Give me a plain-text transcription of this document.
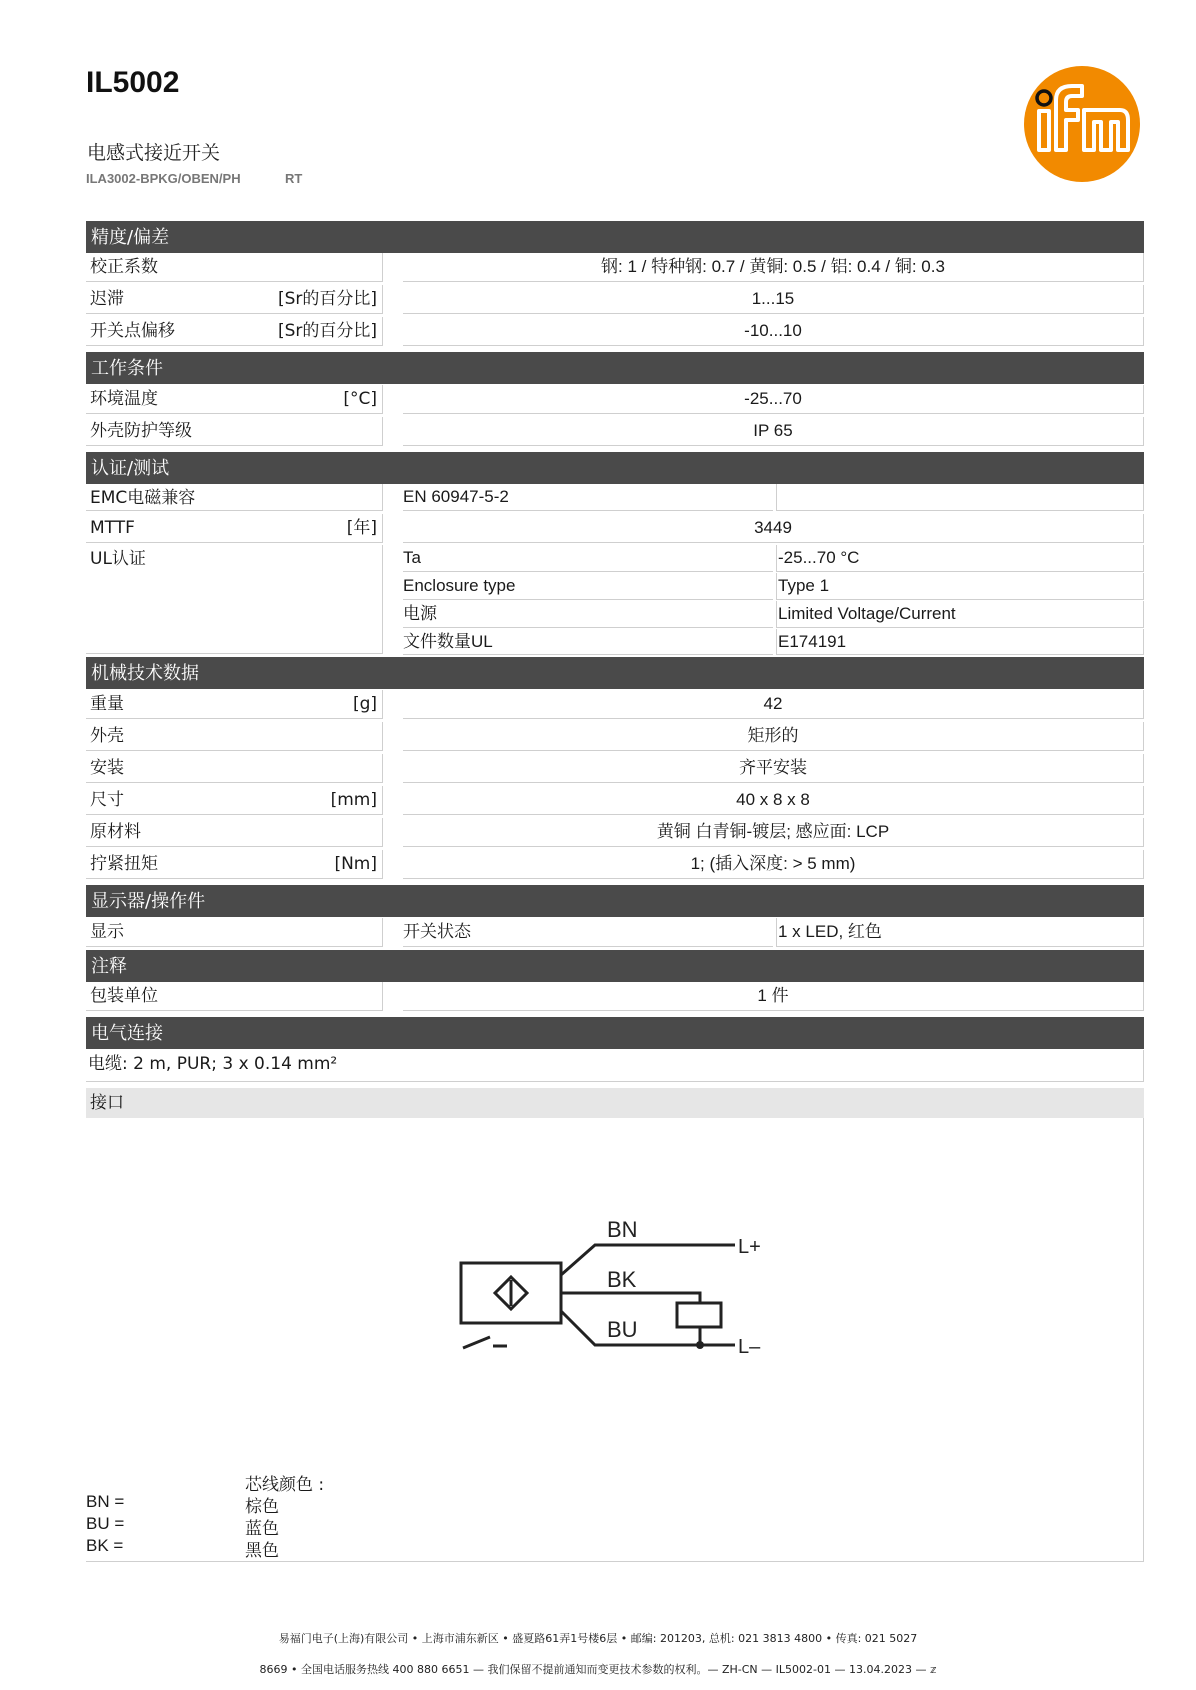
IL5002
电感式接近开关
ILA3002-BPKG/OBEN/PH	RT
精度/偏差
校正系数	钢: 1 / 特种钢: 0.7 / 黄铜: 0.5 / 铝: 0.4 / 铜: 0.3
迟滞	[Sr的百分比]	1...15
开关点偏移	[Sr的百分比]	-10...10
工作条件
环境温度	[°C]	-25...70
外壳防护等级	IP 65
认证/测试
EMC电磁兼容	EN 60947-5-2
MTTF	[年]	3449
UL认证	Ta	-25...70 °C
Enclosure type	Type 1
电源	Limited Voltage/Current
文件数量UL	E174191
机械技术数据
重量	[g]	42
外壳	矩形的
安装	齐平安装
尺寸	[mm]	40 x 8 x 8
原材料	黄铜 白青铜-镀层; 感应面: LCP
拧紧扭矩	[Nm]	1; (插入深度: > 5 mm)
显示器/操作件
显示	开关状态	1 x LED, 红色
注释
包装单位	1 件
电气连接
电缆: 2 m, PUR; 3 x 0.14 mm²
接口
BN
BK
BU
L+
L–
芯线颜色 :
BN =	棕色
BU =	蓝色
BK =	黑色
易福门电子(上海)有限公司 • 上海市浦东新区 • 盛夏路61弄1号楼6层 • 邮编: 201203, 总机: 021 3813 4800 • 传真: 021 5027
8669 • 全国电话服务热线 400 880 6651 — 我们保留不提前通知而变更技术参数的权利。— ZH-CN — IL5002-01 — 13.04.2023 — 𝕫
